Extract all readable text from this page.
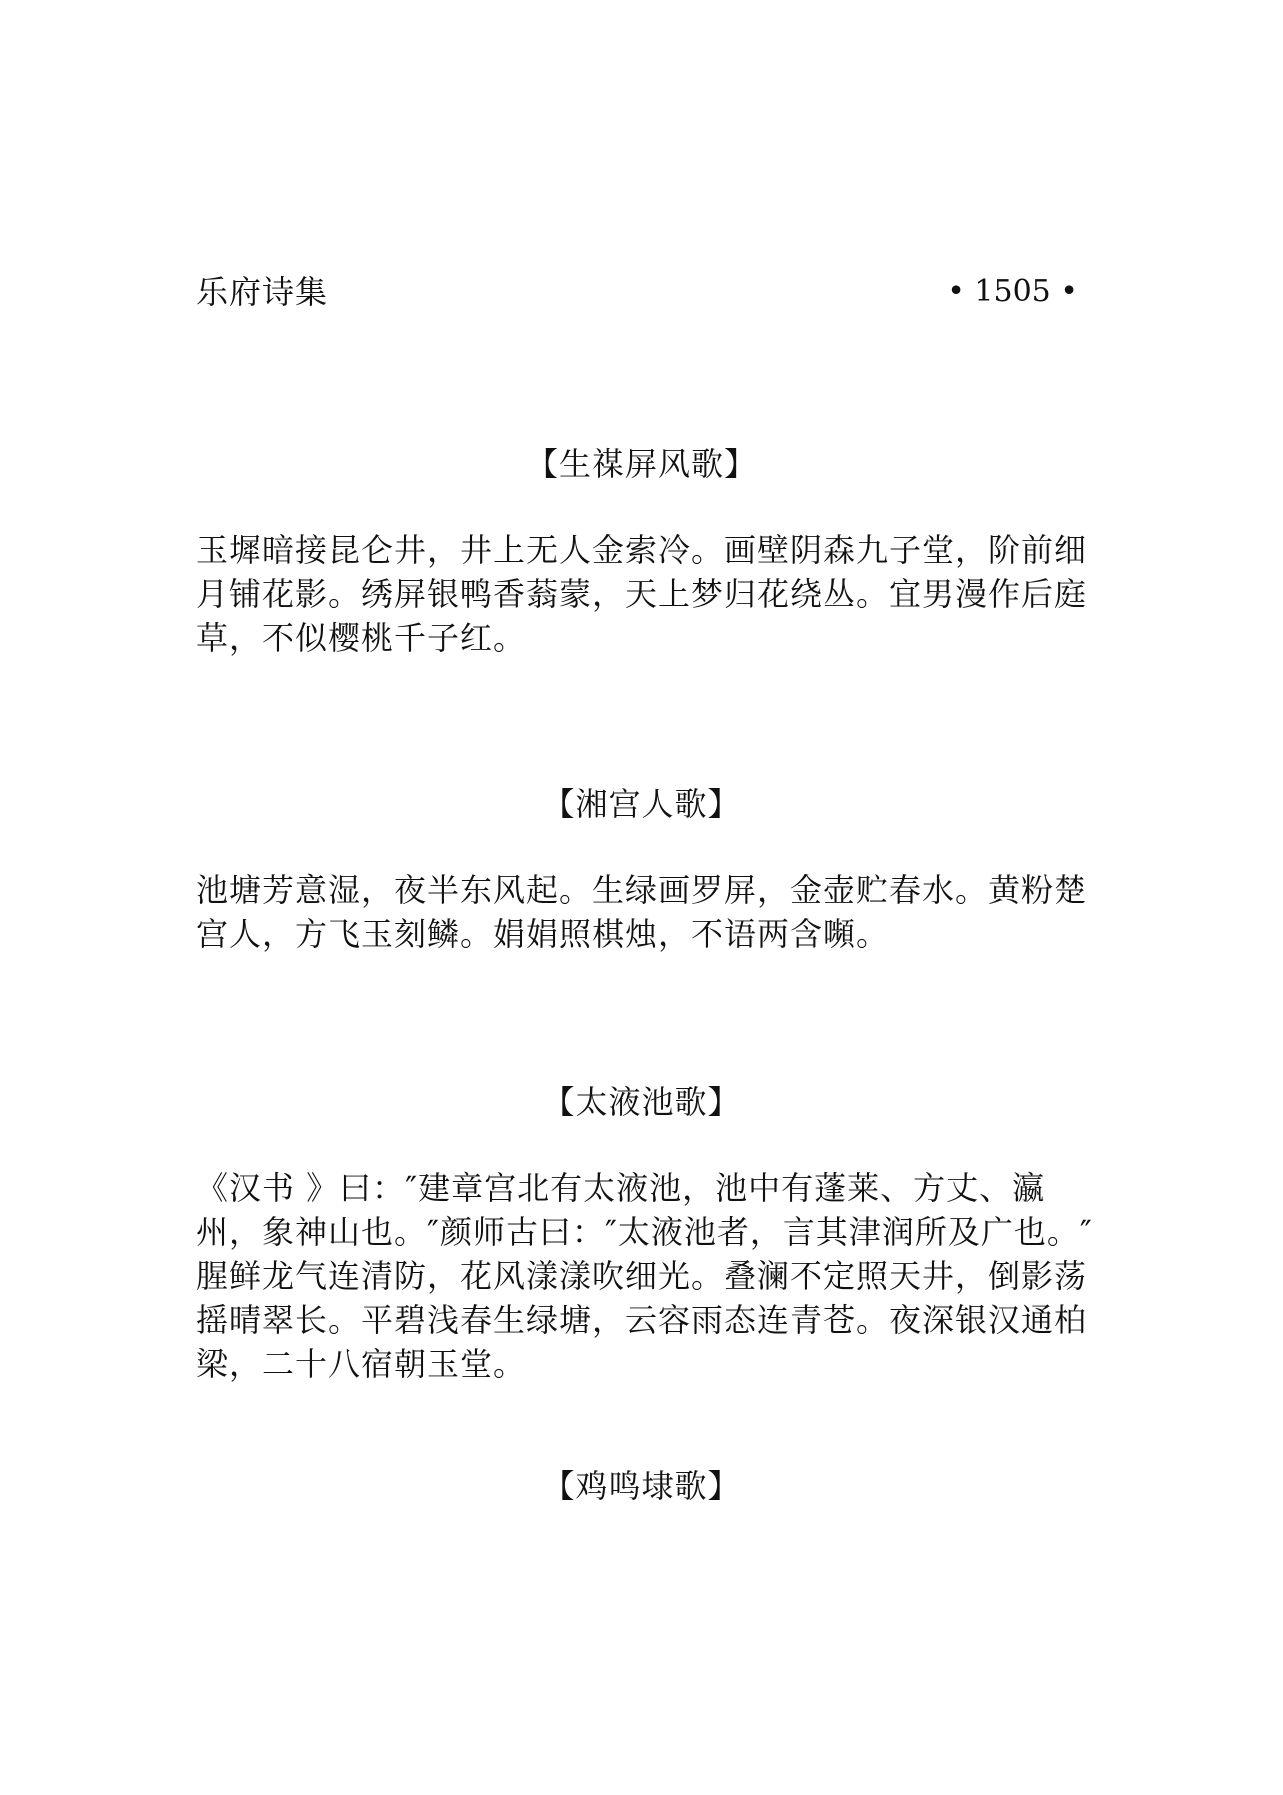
乐府诗集	• 1505 •
【生禖屏风歌】

玉墀暗接昆仑井，井上无人金索冷。画壁阴森九子堂，阶前细月铺花影。绣屏银鸭香蓊蒙，天上梦归花绕丛。宜男漫作后庭草，不似樱桃千子红。

【湘宫人歌】

池塘芳意湿，夜半东风起。生绿画罗屏，金壶贮春水。黄粉楚宫人，方飞玉刻鳞。娟娟照棋烛，不语两含嚬。

【太液池歌】

《汉书 》曰：″建章宫北有太液池，池中有蓬莱、方丈、瀛州，象神山也。″颜师古曰：″太液池者，言其津润所及广也。″

腥鲜龙气连清防，花风漾漾吹细光。叠澜不定照天井，倒影荡摇晴翠长。平碧浅春生绿塘，云容雨态连青苍。夜深银汉通柏梁，二十八宿朝玉堂。

【鸡鸣埭歌】
